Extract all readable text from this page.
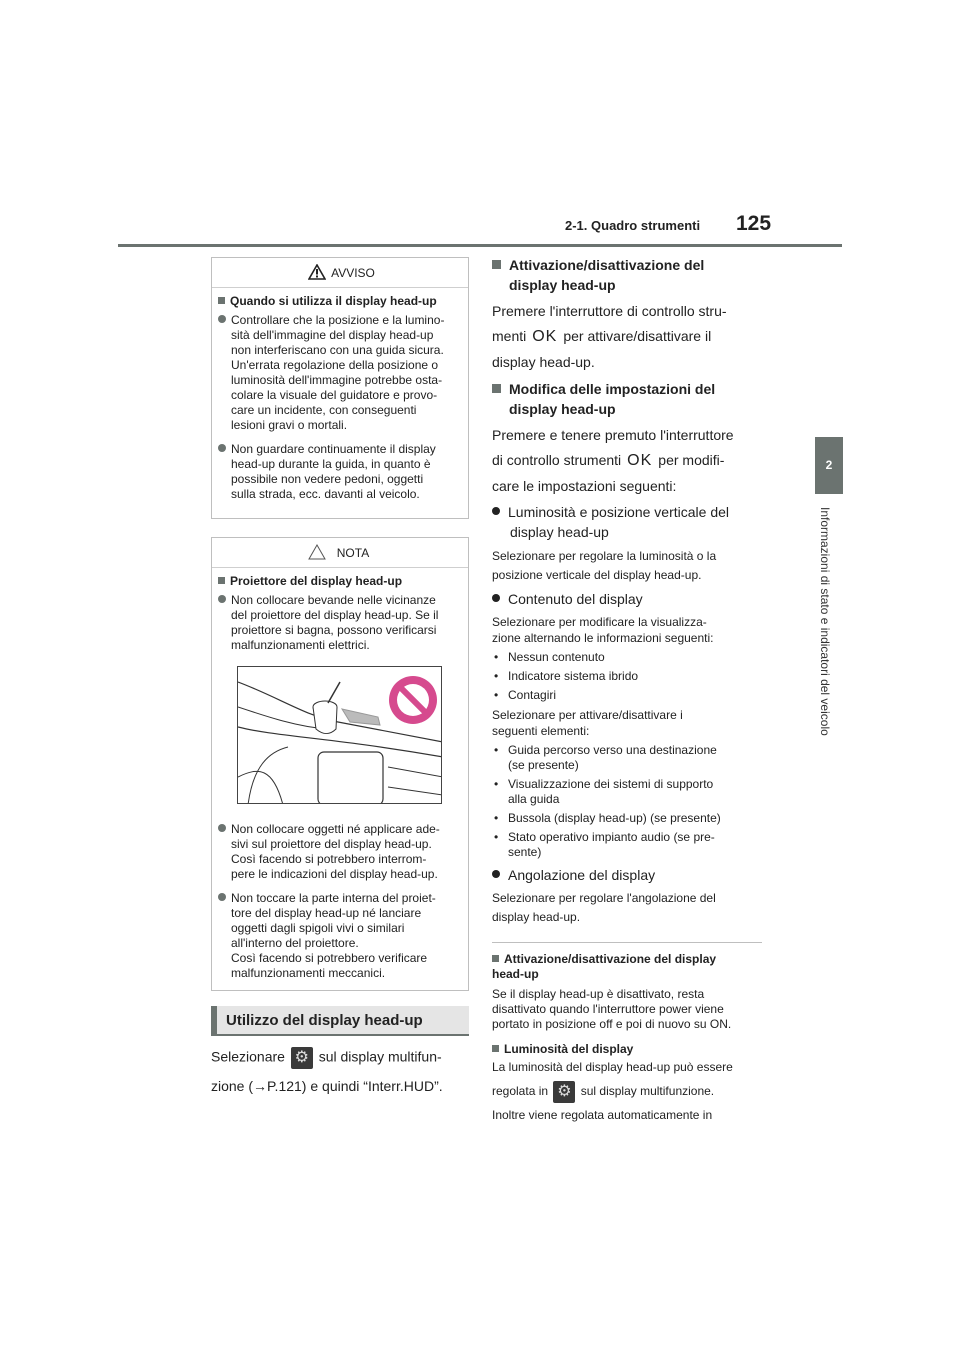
2-1. Quadro strumenti 125
2
Informazioni di stato e indicatori del veicolo
AVVISO
Quando si utilizza il display head-up
Controllare che la posizione e la lumino-
sità dell'immagine del display head-up
non interferiscano con una guida sicura.
Un'errata regolazione della posizione o
luminosità dell'immagine potrebbe osta-
colare la visuale del guidatore e provo-
care un incidente, con conseguenti
lesioni gravi o mortali.
Non guardare continuamente il display
head-up durante la guida, in quanto è
possibile non vedere pedoni, oggetti
sulla strada, ecc. davanti al veicolo.
NOTA
Proiettore del display head-up
Non collocare bevande nelle vicinanze
del proiettore del display head-up. Se il
proiettore si bagna, possono verificarsi
malfunzionamenti elettrici.
Non collocare oggetti né applicare ade-
sivi sul proiettore del display head-up.
Così facendo si potrebbero interrom-
pere le indicazioni del display head-up.
Non toccare la parte interna del proiet-
tore del display head-up né lanciare
oggetti dagli spigoli vivi o similari
all'interno del proiettore.
Così facendo si potrebbero verificare
malfunzionamenti meccanici.
Utilizzo del display head-up
Selezionare ⚙ sul display multifun-
zione (→P.121) e quindi “Interr.HUD”.
Attivazione/disattivazione del
display head-up
Premere l'interruttore di controllo stru-
menti OK per attivare/disattivare il
display head-up.
Modifica delle impostazioni del
display head-up
Premere e tenere premuto l'interruttore
di controllo strumenti OK per modifi-
care le impostazioni seguenti:
Luminosità e posizione verticale del
display head-up
Selezionare per regolare la luminosità o la
posizione verticale del display head-up.
Contenuto del display
Selezionare per modificare la visualizza-
zione alternando le informazioni seguenti:
• Nessun contenuto
• Indicatore sistema ibrido
• Contagiri
Selezionare per attivare/disattivare i
seguenti elementi:
• Guida percorso verso una destinazione
(se presente)
• Visualizzazione dei sistemi di supporto
alla guida
• Bussola (display head-up) (se presente)
• Stato operativo impianto audio (se pre-
sente)
Angolazione del display
Selezionare per regolare l'angolazione del
display head-up.
Attivazione/disattivazione del display
head-up
Se il display head-up è disattivato, resta
disattivato quando l'interruttore power viene
portato in posizione off e poi di nuovo su ON.
Luminosità del display
La luminosità del display head-up può essere
regolata in ⚙	sul display multifunzione.
Inoltre viene regolata automaticamente in
